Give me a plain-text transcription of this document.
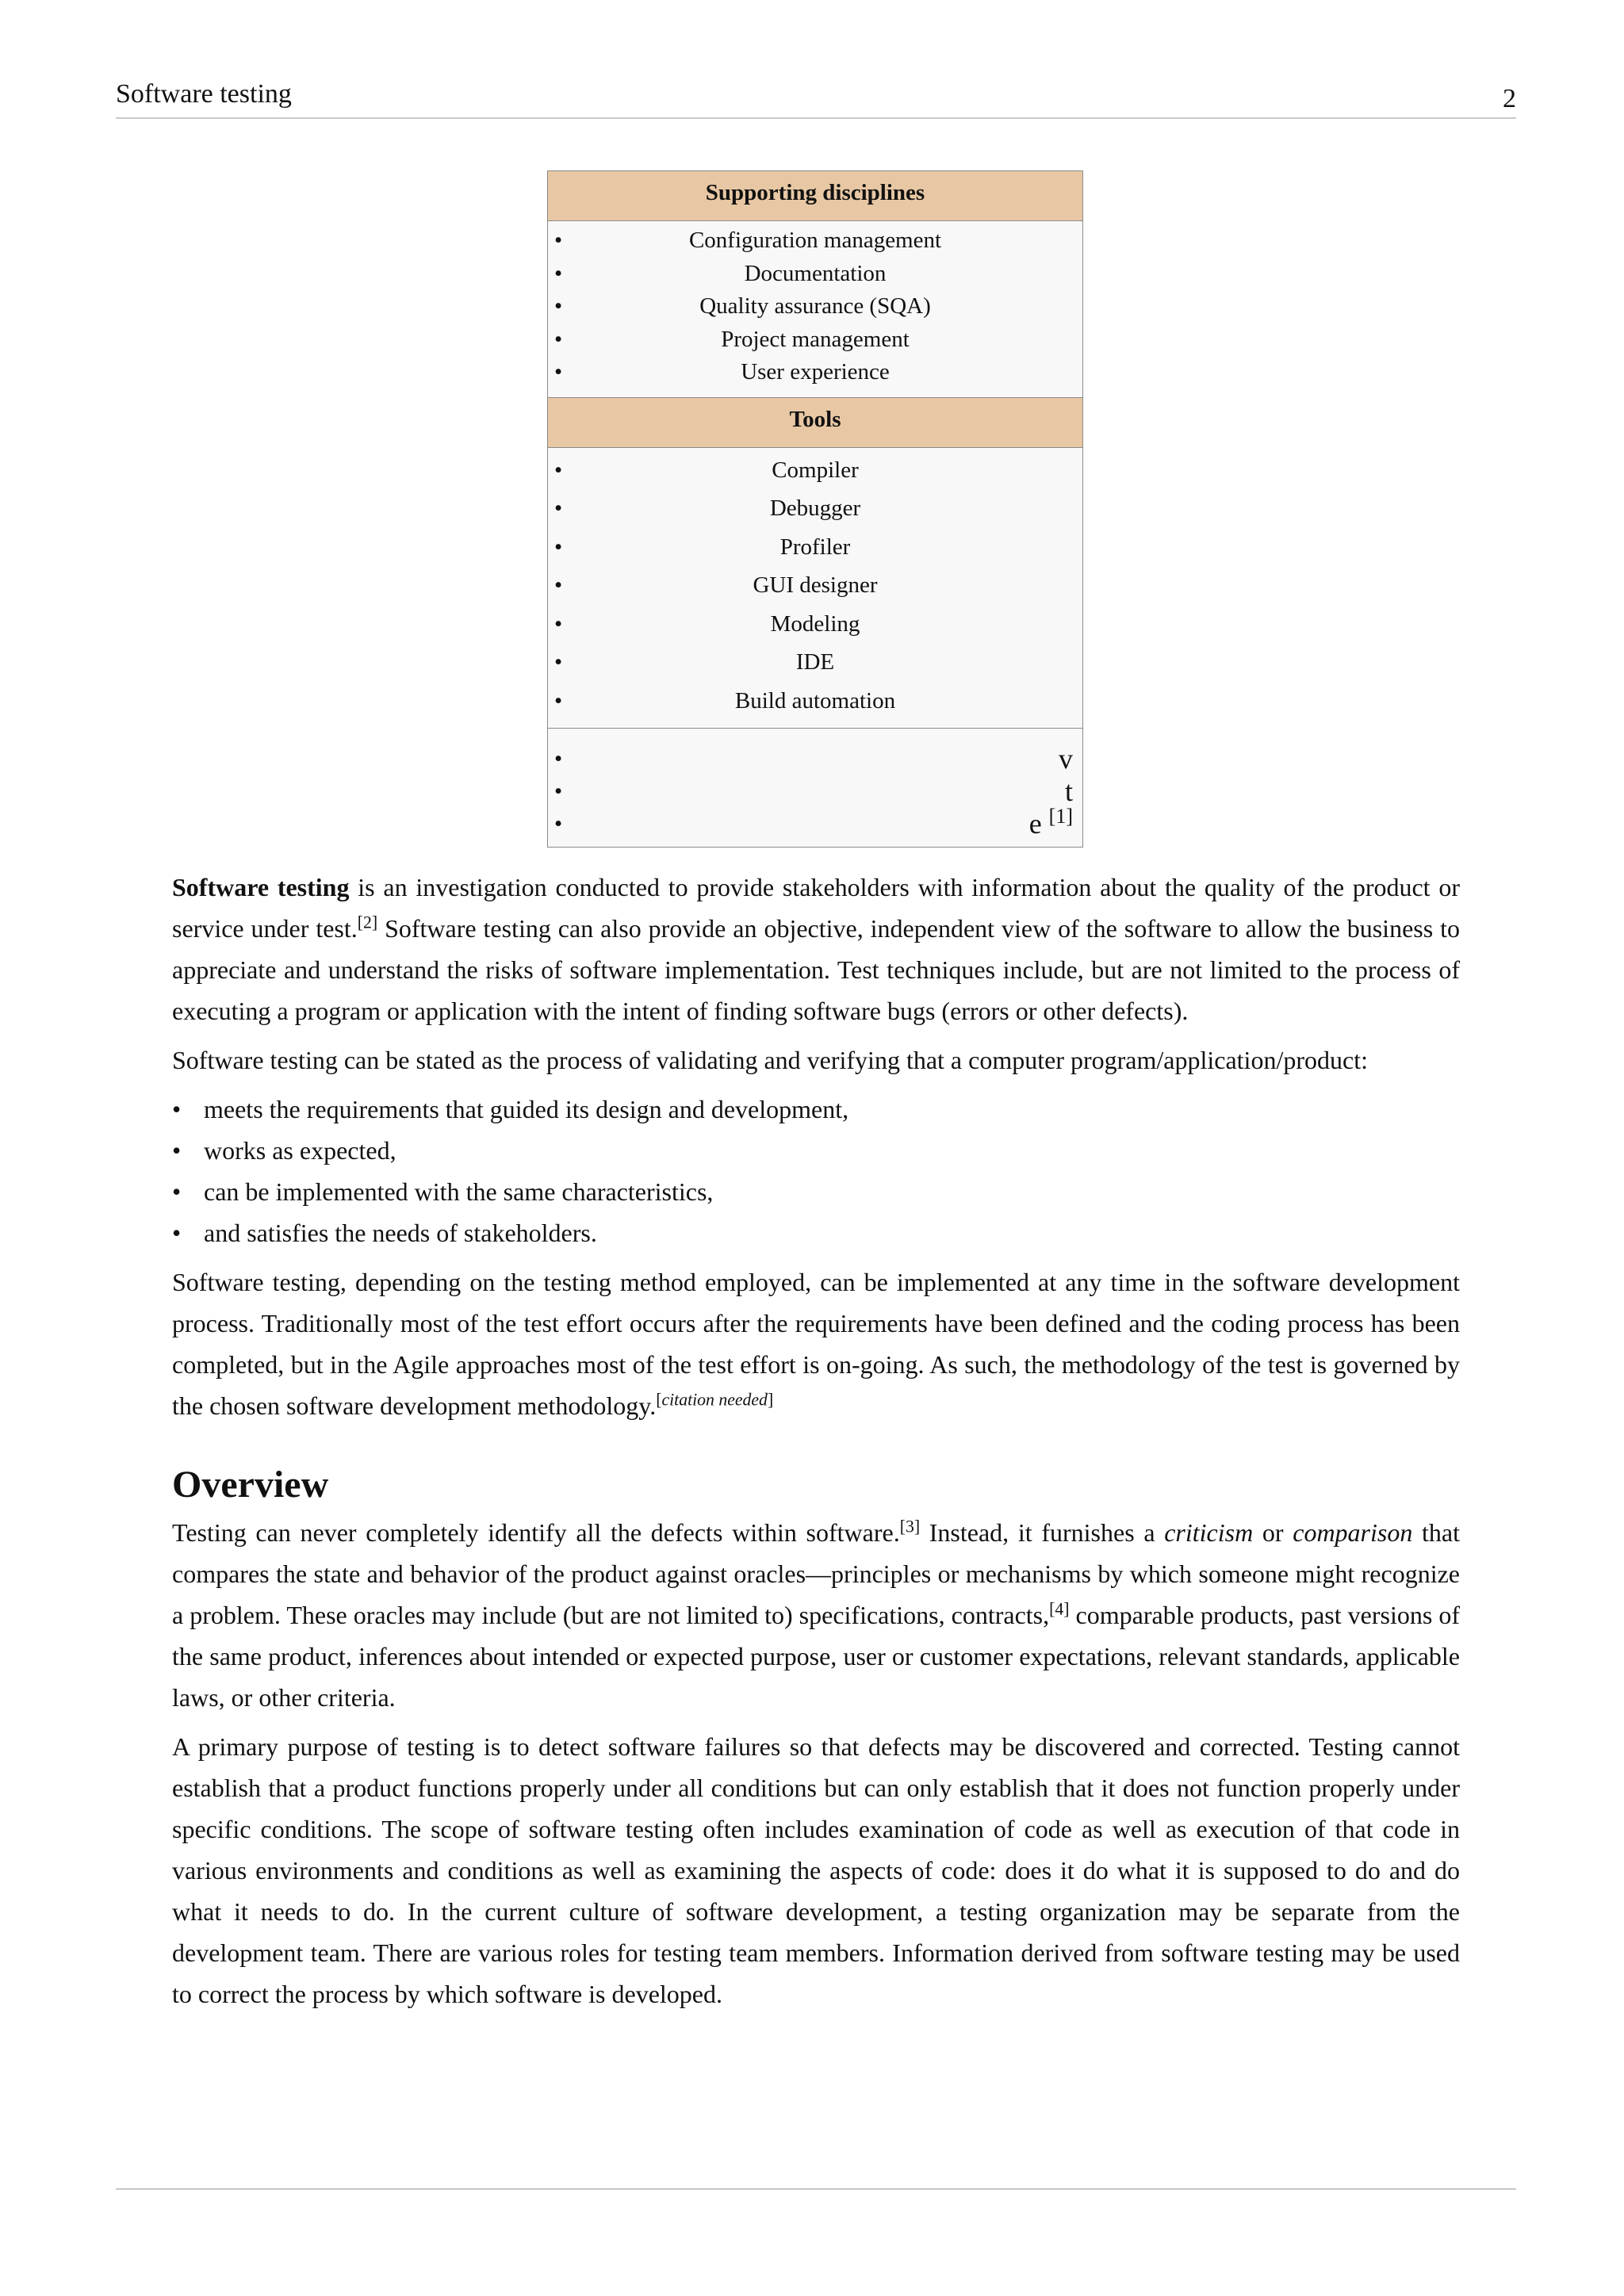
Software testing	2
Supporting disciplines
• Configuration management
• Documentation
• Quality assurance (SQA)
• Project management
• User experience
Tools
• Compiler
• Debugger
• Profiler
• GUI designer
• Modeling
• IDE
• Build automation
• v
• t
• e [1]

Software testing is an investigation conducted to provide stakeholders with information about the quality of the product or service under test.[2] Software testing can also provide an objective, independent view of the software to allow the business to appreciate and understand the risks of software implementation. Test techniques include, but are not limited to the process of executing a program or application with the intent of finding software bugs (errors or other defects).

Software testing can be stated as the process of validating and verifying that a computer program/application/product:

• meets the requirements that guided its design and development,
• works as expected,
• can be implemented with the same characteristics,
• and satisfies the needs of stakeholders.

Software testing, depending on the testing method employed, can be implemented at any time in the software development process. Traditionally most of the test effort occurs after the requirements have been defined and the coding process has been completed, but in the Agile approaches most of the test effort is on-going. As such, the methodology of the test is governed by the chosen software development methodology.[citation needed]

Overview

Testing can never completely identify all the defects within software.[3] Instead, it furnishes a criticism or comparison that compares the state and behavior of the product against oracles—principles or mechanisms by which someone might recognize a problem. These oracles may include (but are not limited to) specifications, contracts,[4] comparable products, past versions of the same product, inferences about intended or expected purpose, user or customer expectations, relevant standards, applicable laws, or other criteria.

A primary purpose of testing is to detect software failures so that defects may be discovered and corrected. Testing cannot establish that a product functions properly under all conditions but can only establish that it does not function properly under specific conditions. The scope of software testing often includes examination of code as well as execution of that code in various environments and conditions as well as examining the aspects of code: does it do what it is supposed to do and do what it needs to do. In the current culture of software development, a testing organization may be separate from the development team. There are various roles for testing team members. Information derived from software testing may be used to correct the process by which software is developed.
